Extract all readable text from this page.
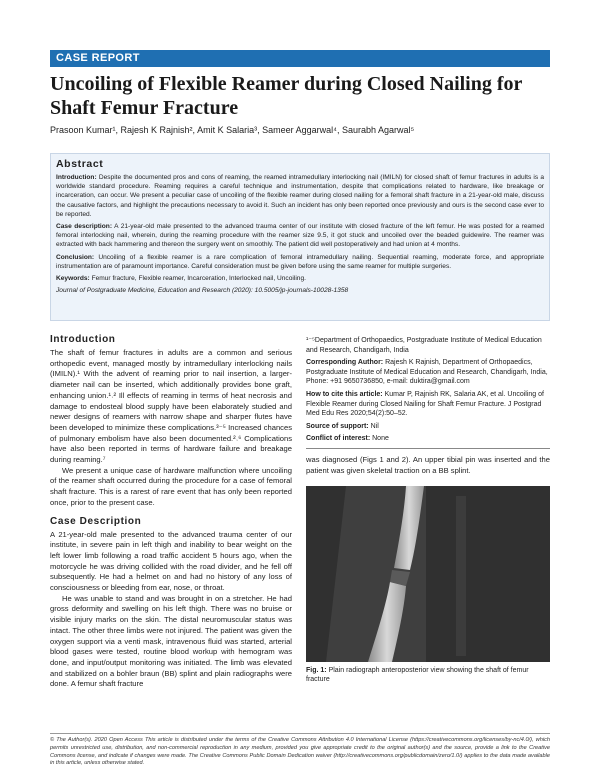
CASE REPORT
Uncoiling of Flexible Reamer during Closed Nailing for Shaft Femur Fracture
Prasoon Kumar¹, Rajesh K Rajnish², Amit K Salaria³, Sameer Aggarwal⁴, Saurabh Agarwal⁵
Abstract

Introduction: Despite the documented pros and cons of reaming, the reamed intramedullary interlocking nail (IMILN) for closed shaft of femur fractures in adults is a worldwide standard procedure. Reaming requires a careful technique and instrumentation, despite that complications related to hardware, like breakage or incarceration, can occur. We present a peculiar case of uncoiling of the flexible reamer during closed nailing for a femoral shaft fracture in a 21-year-old male, discuss the causative factors, and highlight the precautions necessary to avoid it. Such an incident has only been reported once previously and ours is the second case ever to be reported.

Case description: A 21-year-old male presented to the advanced trauma center of our institute with closed fracture of the left femur. He was posted for a reamed femoral interlocking nail, wherein, during the reaming procedure with the reamer size 9.5, it got stuck and uncoiled over the beaded guidewire. The reamer was extracted with back hammering and thereon the surgery went on smoothly. The patient did well postoperatively and had union at 4 months.

Conclusion: Uncoiling of a flexible reamer is a rare complication of femoral intramedullary nailing. Sequential reaming, moderate force, and appropriate instrumentation are of paramount importance. Careful consideration must be given before using the same reamer for multiple surgeries.

Keywords: Femur fracture, Flexible reamer, Incarceration, Interlocked nail, Uncoiling.

Journal of Postgraduate Medicine, Education and Research (2020): 10.5005/jp-journals-10028-1358

Introduction

The shaft of femur fractures in adults are a common and serious orthopedic event, managed mostly by intramedullary interlocking nails (IMILN).¹ With the advent of reaming prior to nail insertion, a larger-diameter nail can be inserted, which additionally provides bone graft, enhancing union.¹˒² Ill effects of reaming in terms of heat necrosis and damage to endosteal blood supply have been elaborately studied and newer designs of reamers with narrow shape and sharper flutes have been developed to minimize these complications.³⁻⁵ Increased chances of pulmonary embolism have also been documented.²˒⁶ Complications have also been reported in terms of hardware failure and breakage during reaming.⁷

We present a unique case of hardware malfunction where uncoiling of the reamer shaft occurred during the procedure for a case of femoral shaft fracture. This is a rarest of rare event that has only been reported once, prior to the present case.

Case Description

A 21-year-old male presented to the advanced trauma center of our institute, in severe pain in left thigh and inability to bear weight on the left lower limb following a road traffic accident 5 hours ago, when the motorcycle he was driving collided with the road divider, and he fell off subsequently. He had a helmet on and had no history of any loss of consciousness or bleeding from ear, nose, or throat.

He was unable to stand and was brought in on a stretcher. He had gross deformity and swelling on his left thigh. There was no bruise or visible injury marks on the skin. The distal neuromuscular status was intact. The other three limbs were not injured. The patient was given the oxygen support via a venti mask, intravenous fluid was started, arterial blood gases were tested, routine blood workup with hemogram was done, and input/output monitoring was initiated. The limb was elevated and stabilized on a bohler braun (BB) splint and plain radiographs were done. A femur shaft fracture

¹⁻⁵Department of Orthopaedics, Postgraduate Institute of Medical Education and Research, Chandigarh, India

Corresponding Author: Rajesh K Rajnish, Department of Orthopaedics, Postgraduate Institute of Medical Education and Research, Chandigarh, India, Phone: +91 9650736850, e-mail: duktira@gmail.com

How to cite this article: Kumar P, Rajnish RK, Salaria AK, et al. Uncoiling of Flexible Reamer during Closed Nailing for Shaft Femur Fracture. J Postgrad Med Edu Res 2020;54(2):50–52.

Source of support: Nil

Conflict of interest: None

was diagnosed (Figs 1 and 2). An upper tibial pin was inserted and the patient was given skeletal traction on a BB splint.

Fig. 1: Plain radiograph anteroposterior view showing the shaft of femur fracture
© The Author(s). 2020 Open Access This article is distributed under the terms of the Creative Commons Attribution 4.0 International License (https://creativecommons.org/licenses/by-nc/4.0/), which permits unrestricted use, distribution, and non-commercial reproduction in any medium, provided you give appropriate credit to the original author(s) and the source, provide a link to the Creative Commons license, and indicate if changes were made. The Creative Commons Public Domain Dedication waiver (http://creativecommons.org/publicdomain/zero/1.0/) applies to the data made available in this article, unless otherwise stated.
